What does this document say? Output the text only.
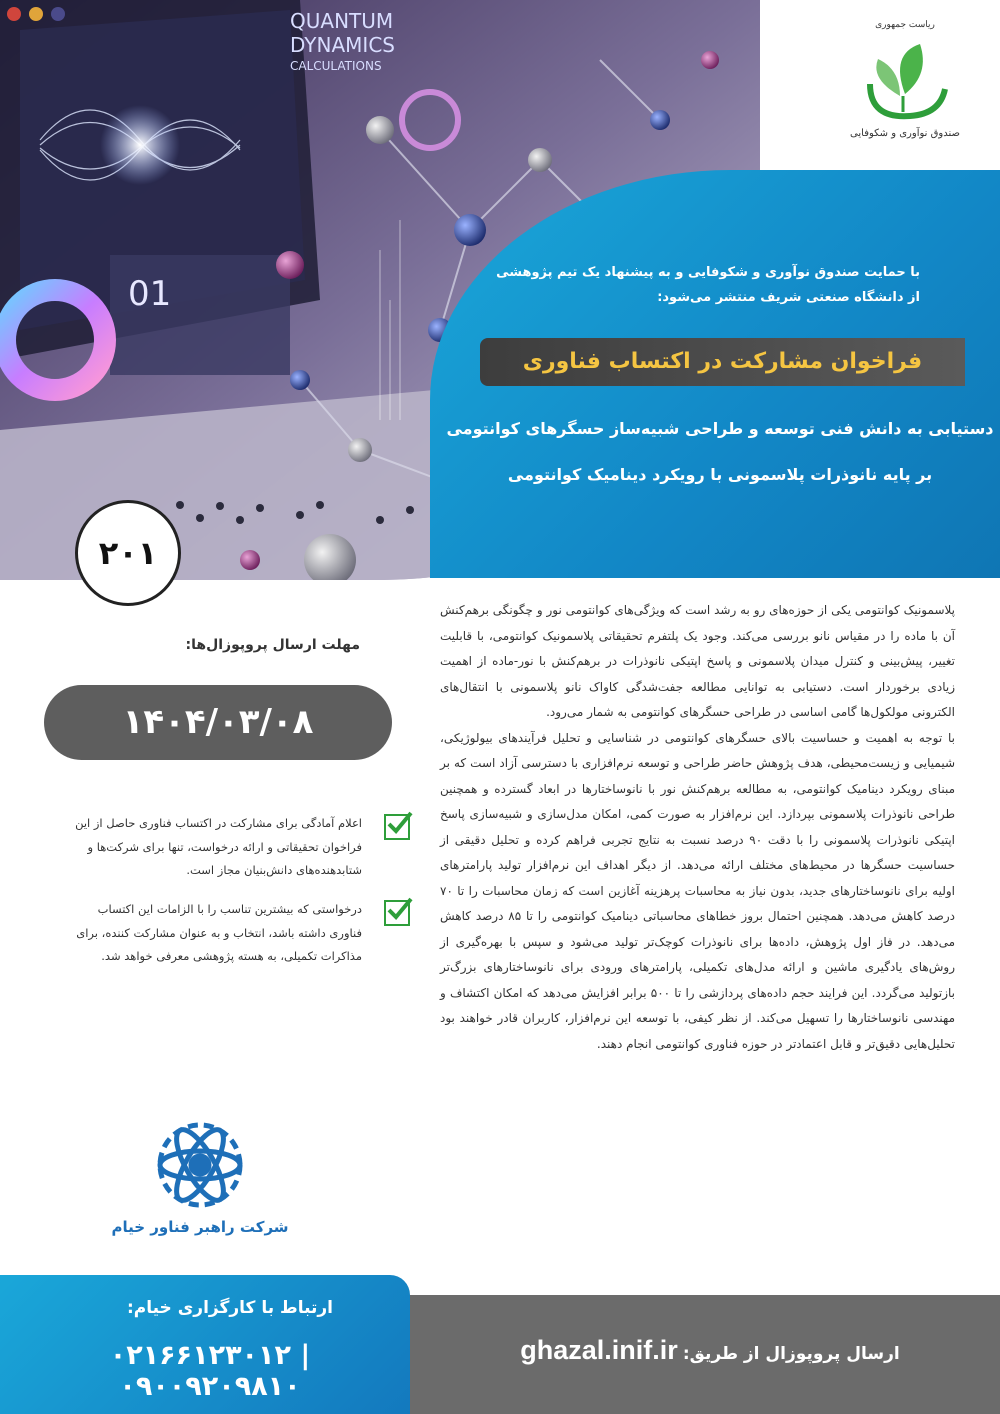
01
QUANTUM
DYNAMICS
CALCULATIONS
ریاست جمهوری
صندوق نوآوری و شکوفایی

با حمایت صندوق نوآوری و شکوفایی و به پیشنهاد یک تیم پژوهشی از دانشگاه صنعتی شریف منتشر می‌شود:

فراخوان مشارکت در اکتساب فناوری

دستیابی به دانش فنی توسعه و طراحی شبیه‌ساز حسگرهای کوانتومی
بر پایه نانوذرات پلاسمونی با رویکرد دینامیک کوانتومی

۲۰۱

پلاسمونیک کوانتومی یکی از حوزه‌های رو به رشد است که ویژگی‌های کوانتومی نور و چگونگی برهم‌کنش آن با ماده را در مقیاس نانو بررسی می‌کند. وجود یک پلتفرم تحقیقاتی پلاسمونیک کوانتومی، با قابلیت تغییر، پیش‌بینی و کنترل میدان پلاسمونی و پاسخ اپتیکی نانوذرات در برهم‌کنش با نور-ماده از اهمیت زیادی برخوردار است. دستیابی به توانایی مطالعه جفت‌شدگی کاواک نانو پلاسمونی با انتقال‌های الکترونی مولکول‌ها گامی اساسی در طراحی حسگرهای کوانتومی به شمار می‌رود.

با توجه به اهمیت و حساسیت بالای حسگرهای کوانتومی در شناسایی و تحلیل فرآیندهای بیولوژیکی، شیمیایی و زیست‌محیطی، هدف پژوهش حاضر طراحی و توسعه نرم‌افزاری با دسترسی آزاد است که بر مبنای رویکرد دینامیک کوانتومی، به مطالعه برهم‌کنش نور با نانوساختارها در ابعاد گسترده و همچنین طراحی نانوذرات پلاسمونی بپردازد. این نرم‌افزار به صورت کمی، امکان مدل‌سازی و شبیه‌سازی پاسخ اپتیکی نانوذرات پلاسمونی را با دقت ۹۰ درصد نسبت به نتایج تجربی فراهم کرده و تحلیل دقیقی از حساسیت حسگرها در محیط‌های مختلف ارائه می‌دهد. از دیگر اهداف این نرم‌افزار تولید پارامترهای اولیه برای نانوساختارهای جدید، بدون نیاز به محاسبات پرهزینه آغازین است که زمان محاسبات را تا ۷۰ درصد کاهش می‌دهد. همچنین احتمال بروز خطاهای محاسباتی دینامیک کوانتومی را تا ۸۵ درصد کاهش می‌دهد. در فاز اول پژوهش، داده‌ها برای نانوذرات کوچک‌تر تولید می‌شود و سپس با بهره‌گیری از روش‌های یادگیری ماشین و ارائه مدل‌های تکمیلی، پارامترهای ورودی برای نانوساختارهای بزرگ‌تر بازتولید می‌گردد. این فرایند حجم داده‌های پردازشی را تا ۵۰۰ برابر افزایش می‌دهد که امکان اکتشاف و مهندسی نانوساختارها را تسهیل می‌کند. از نظر کیفی، با توسعه این نرم‌افزار، کاربران قادر خواهند بود تحلیل‌هایی دقیق‌تر و قابل اعتمادتر در حوزه فناوری کوانتومی انجام دهند.

مهلت ارسال پروپوزال‌ها:
۱۴۰۴/۰۳/۰۸

اعلام آمادگی برای مشارکت در اکتساب فناوری حاصل از این فراخوان تحقیقاتی و ارائه درخواست، تنها برای شرکت‌ها و شتابدهنده‌های دانش‌بنیان مجاز است.

درخواستی که بیشترین تناسب را با الزامات این اکتساب فناوری داشته باشد، انتخاب و به عنوان مشارکت کننده، برای مذاکرات تکمیلی، به هسته پژوهشی معرفی خواهد شد.

شرکت راهبر فناور خیام
ارتباط با کارگزاری خیام:
۰۲۱۶۶۱۲۳۰۱۲ | ۰۹۰۰۹۲۰۹۸۱۰
ارسال پروپوزال از طریق: ghazal.inif.ir
